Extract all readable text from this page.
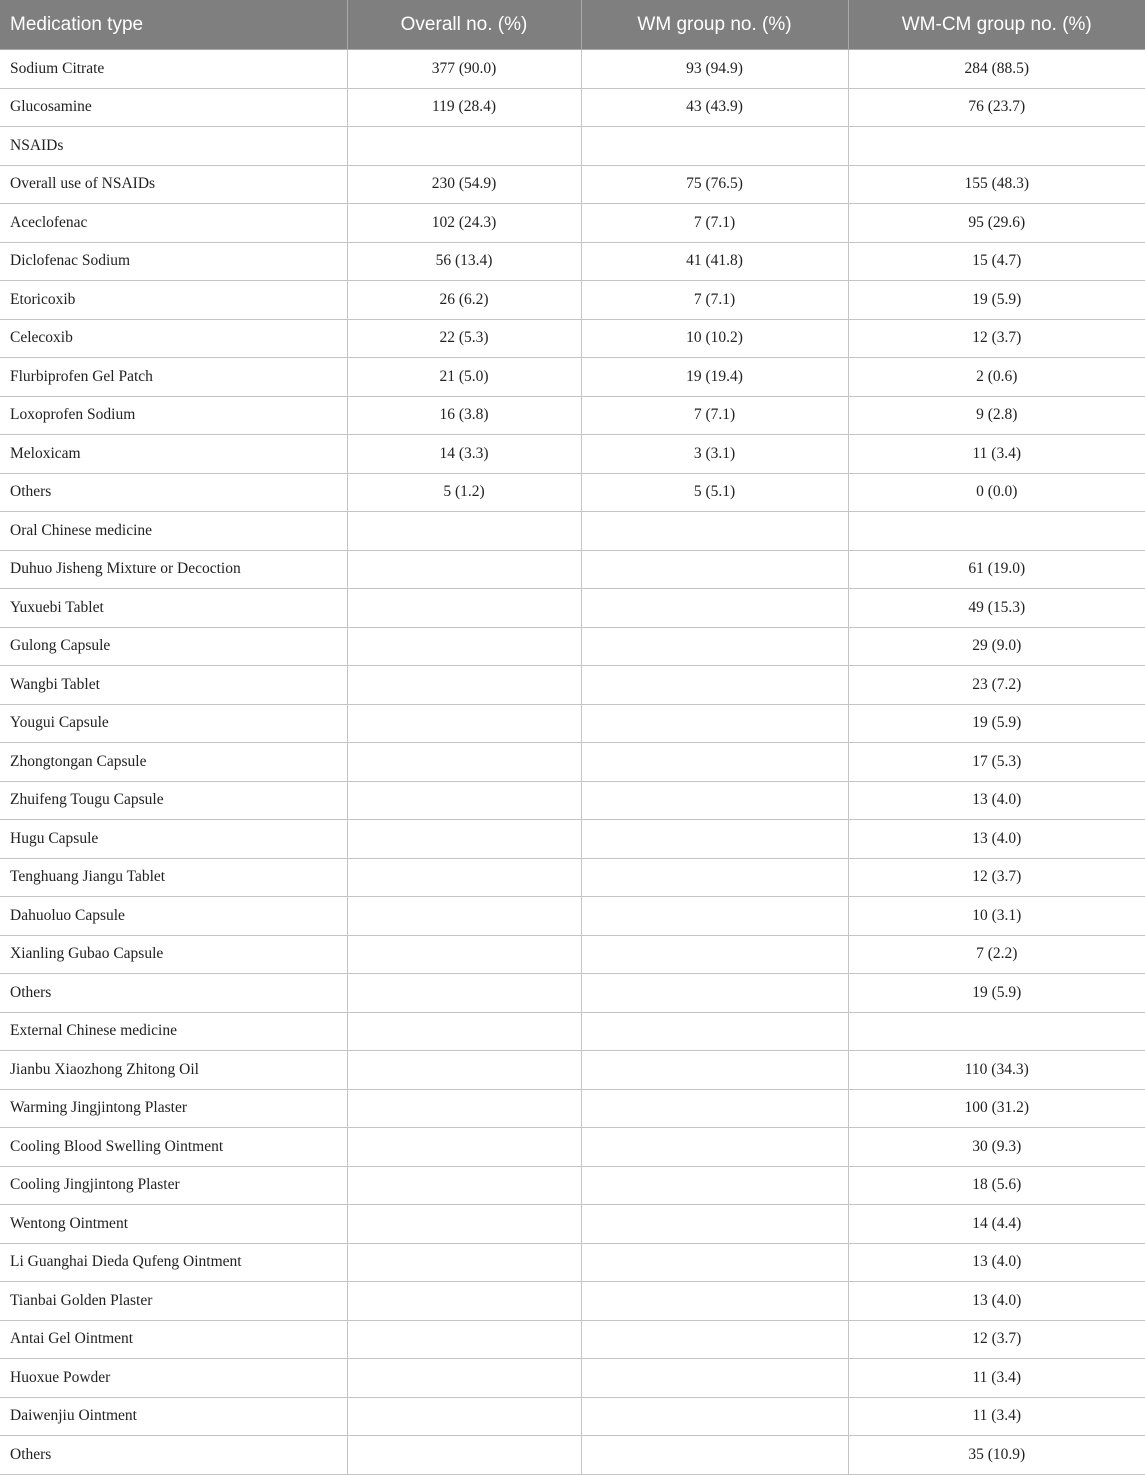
Medication type	Overall no. (%)	WM group no. (%)	WM-CM group no. (%)
Sodium Citrate	377 (90.0)	93 (94.9)	284 (88.5)
Glucosamine	119 (28.4)	43 (43.9)	76 (23.7)
NSAIDs			
Overall use of NSAIDs	230 (54.9)	75 (76.5)	155 (48.3)
Aceclofenac	102 (24.3)	7 (7.1)	95 (29.6)
Diclofenac Sodium	56 (13.4)	41 (41.8)	15 (4.7)
Etoricoxib	26 (6.2)	7 (7.1)	19 (5.9)
Celecoxib	22 (5.3)	10 (10.2)	12 (3.7)
Flurbiprofen Gel Patch	21 (5.0)	19 (19.4)	2 (0.6)
Loxoprofen Sodium	16 (3.8)	7 (7.1)	9 (2.8)
Meloxicam	14 (3.3)	3 (3.1)	11 (3.4)
Others	5 (1.2)	5 (5.1)	0 (0.0)
Oral Chinese medicine			
Duhuo Jisheng Mixture or Decoction			61 (19.0)
Yuxuebi Tablet			49 (15.3)
Gulong Capsule			29 (9.0)
Wangbi Tablet			23 (7.2)
Yougui Capsule			19 (5.9)
Zhongtongan Capsule			17 (5.3)
Zhuifeng Tougu Capsule			13 (4.0)
Hugu Capsule			13 (4.0)
Tenghuang Jiangu Tablet			12 (3.7)
Dahuoluo Capsule			10 (3.1)
Xianling Gubao Capsule			7 (2.2)
Others			19 (5.9)
External Chinese medicine			
Jianbu Xiaozhong Zhitong Oil			110 (34.3)
Warming Jingjintong Plaster			100 (31.2)
Cooling Blood Swelling Ointment			30 (9.3)
Cooling Jingjintong Plaster			18 (5.6)
Wentong Ointment			14 (4.4)
Li Guanghai Dieda Qufeng Ointment			13 (4.0)
Tianbai Golden Plaster			13 (4.0)
Antai Gel Ointment			12 (3.7)
Huoxue Powder			11 (3.4)
Daiwenjiu Ointment			11 (3.4)
Others			35 (10.9)
